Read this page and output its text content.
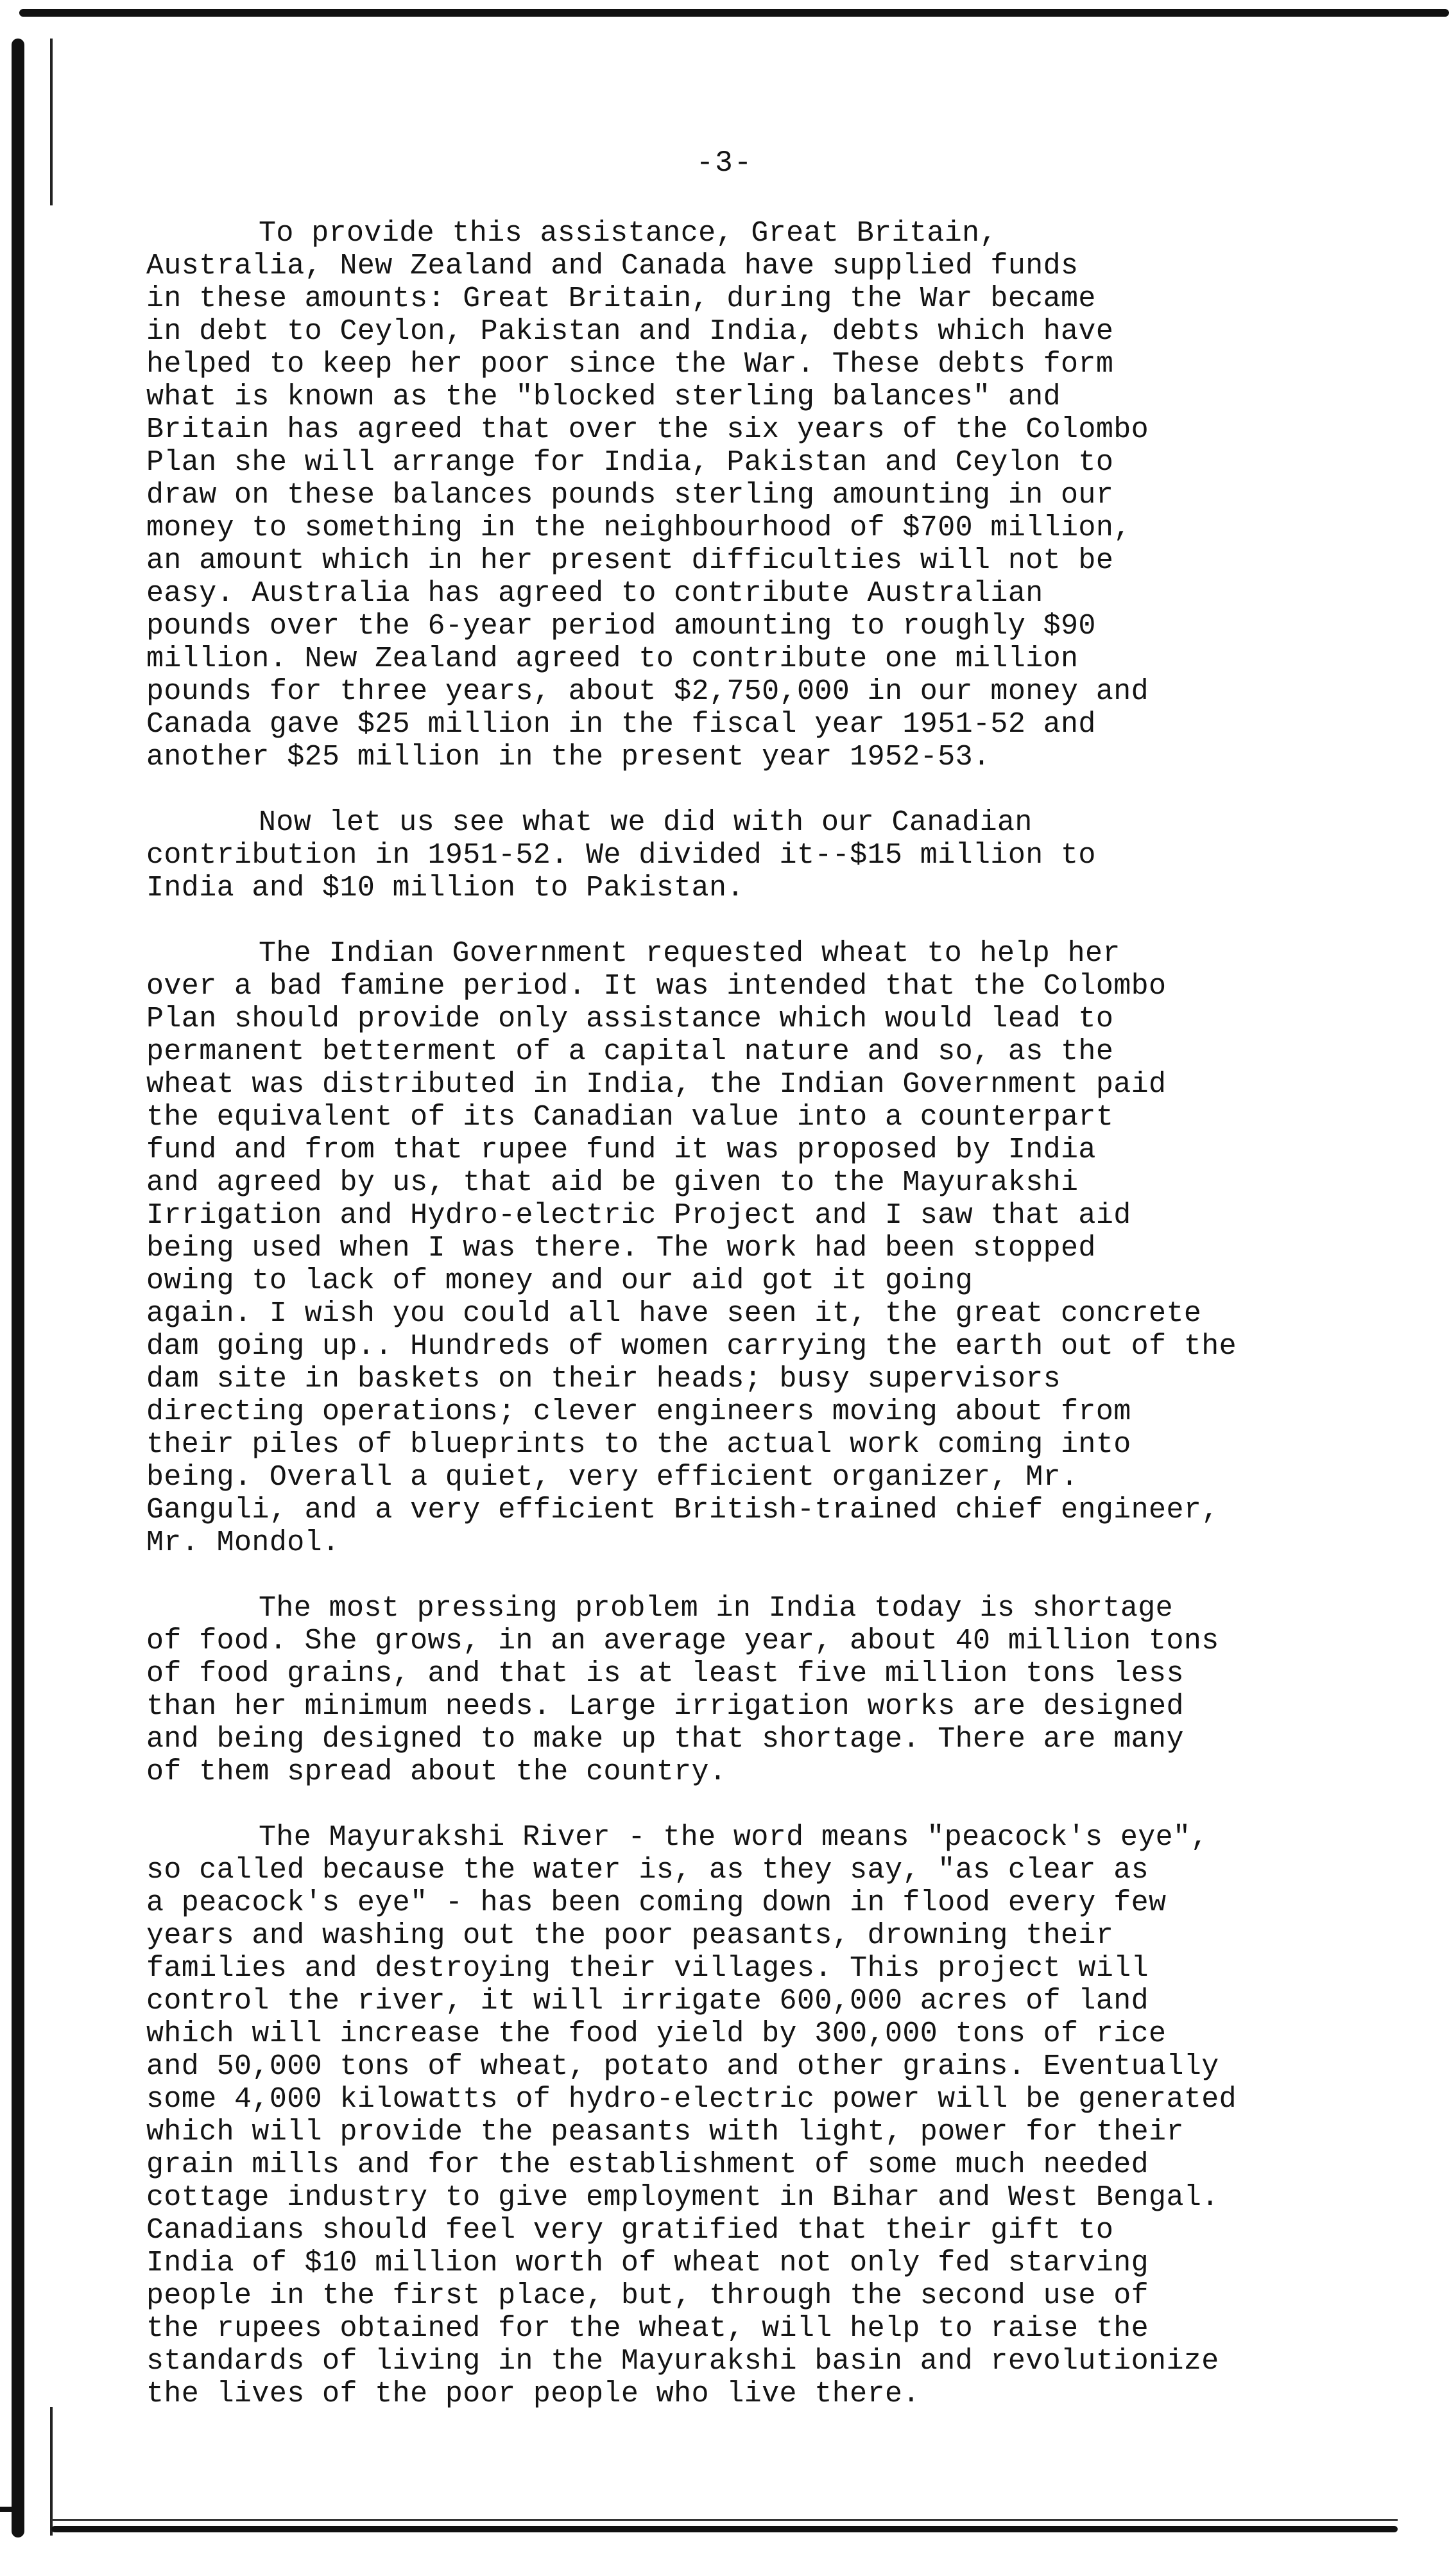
-3-
To provide this assistance, Great Britain,
Australia, New Zealand and Canada have supplied funds
in these amounts: Great Britain, during the War became
in debt to Ceylon, Pakistan and India, debts which have
helped to keep her poor since the War. These debts form
what is known as the "blocked sterling balances" and
Britain has agreed that over the six years of the Colombo
Plan she will arrange for India, Pakistan and Ceylon to
draw on these balances pounds sterling amounting in our
money to something in the neighbourhood of $700 million,
an amount which in her present difficulties will not be
easy. Australia has agreed to contribute Australian
pounds over the 6-year period amounting to roughly $90
million. New Zealand agreed to contribute one million
pounds for three years, about $2,750,000 in our money and
Canada gave $25 million in the fiscal year 1951-52 and
another $25 million in the present year 1952-53.
Now let us see what we did with our Canadian
contribution in 1951-52. We divided it--$15 million to
India and $10 million to Pakistan.
The Indian Government requested wheat to help her
over a bad famine period. It was intended that the Colombo
Plan should provide only assistance which would lead to
permanent betterment of a capital nature and so, as the
wheat was distributed in India, the Indian Government paid
the equivalent of its Canadian value into a counterpart
fund and from that rupee fund it was proposed by India
and agreed by us, that aid be given to the Mayurakshi
Irrigation and Hydro-electric Project and I saw that aid
being used when I was there. The work had been stopped
owing to lack of money and our aid got it going
again. I wish you could all have seen it, the great concrete
dam going up.. Hundreds of women carrying the earth out of the
dam site in baskets on their heads; busy supervisors
directing operations; clever engineers moving about from
their piles of blueprints to the actual work coming into
being. Overall a quiet, very efficient organizer, Mr.
Ganguli, and a very efficient British-trained chief engineer,
Mr. Mondol.
The most pressing problem in India today is shortage
of food. She grows, in an average year, about 40 million tons
of food grains, and that is at least five million tons less
than her minimum needs. Large irrigation works are designed
and being designed to make up that shortage. There are many
of them spread about the country.
The Mayurakshi River - the word means "peacock's eye",
so called because the water is, as they say, "as clear as
a peacock's eye" - has been coming down in flood every few
years and washing out the poor peasants, drowning their
families and destroying their villages. This project will
control the river, it will irrigate 600,000 acres of land
which will increase the food yield by 300,000 tons of rice
and 50,000 tons of wheat, potato and other grains. Eventually
some 4,000 kilowatts of hydro-electric power will be generated
which will provide the peasants with light, power for their
grain mills and for the establishment of some much needed
cottage industry to give employment in Bihar and West Bengal.
Canadians should feel very gratified that their gift to
India of $10 million worth of wheat not only fed starving
people in the first place, but, through the second use of
the rupees obtained for the wheat, will help to raise the
standards of living in the Mayurakshi basin and revolutionize
the lives of the poor people who live there.
